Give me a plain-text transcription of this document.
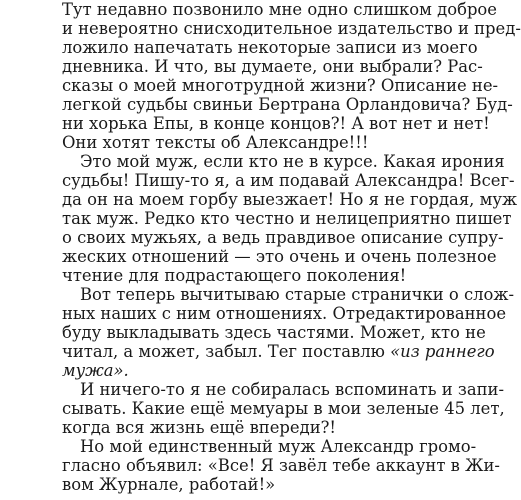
Тут недавно позвонило мне одно слишком доброе
и невероятно снисходительное издательство и пред-
ложило напечатать некоторые записи из моего
дневника. И что, вы думаете, они выбрали? Рас-
сказы о моей многотрудной жизни? Описание не-
легкой судьбы свиньи Бертрана Орландовича? Буд-
ни хорька Епы, в конце концов?! А вот нет и нет!
Они хотят тексты об Александре!!!
Это мой муж, если кто не в курсе. Какая ирония
судьбы! Пишу-то я, а им подавай Александра! Всег-
да он на моем горбу выезжает! Но я не гордая, муж
так муж. Редко кто честно и нелицеприятно пишет
о своих мужьях, а ведь правдивое описание супру-
жеских отношений — это очень и очень полезное
чтение для подрастающего поколения!
Вот теперь вычитываю старые странички о слож-
ных наших с ним отношениях. Отредактированное
буду выкладывать здесь частями. Может, кто не
читал, а может, забыл. Тег поставлю «из раннего
мужа».
И ничего-то я не собиралась вспоминать и запи-
сывать. Какие ещё мемуары в мои зеленые 45 лет,
когда вся жизнь ещё впереди?!
Но мой единственный муж Александр громо-
гласно объявил: «Все! Я завёл тебе аккаунт в Жи-
вом Журнале, работай!»
